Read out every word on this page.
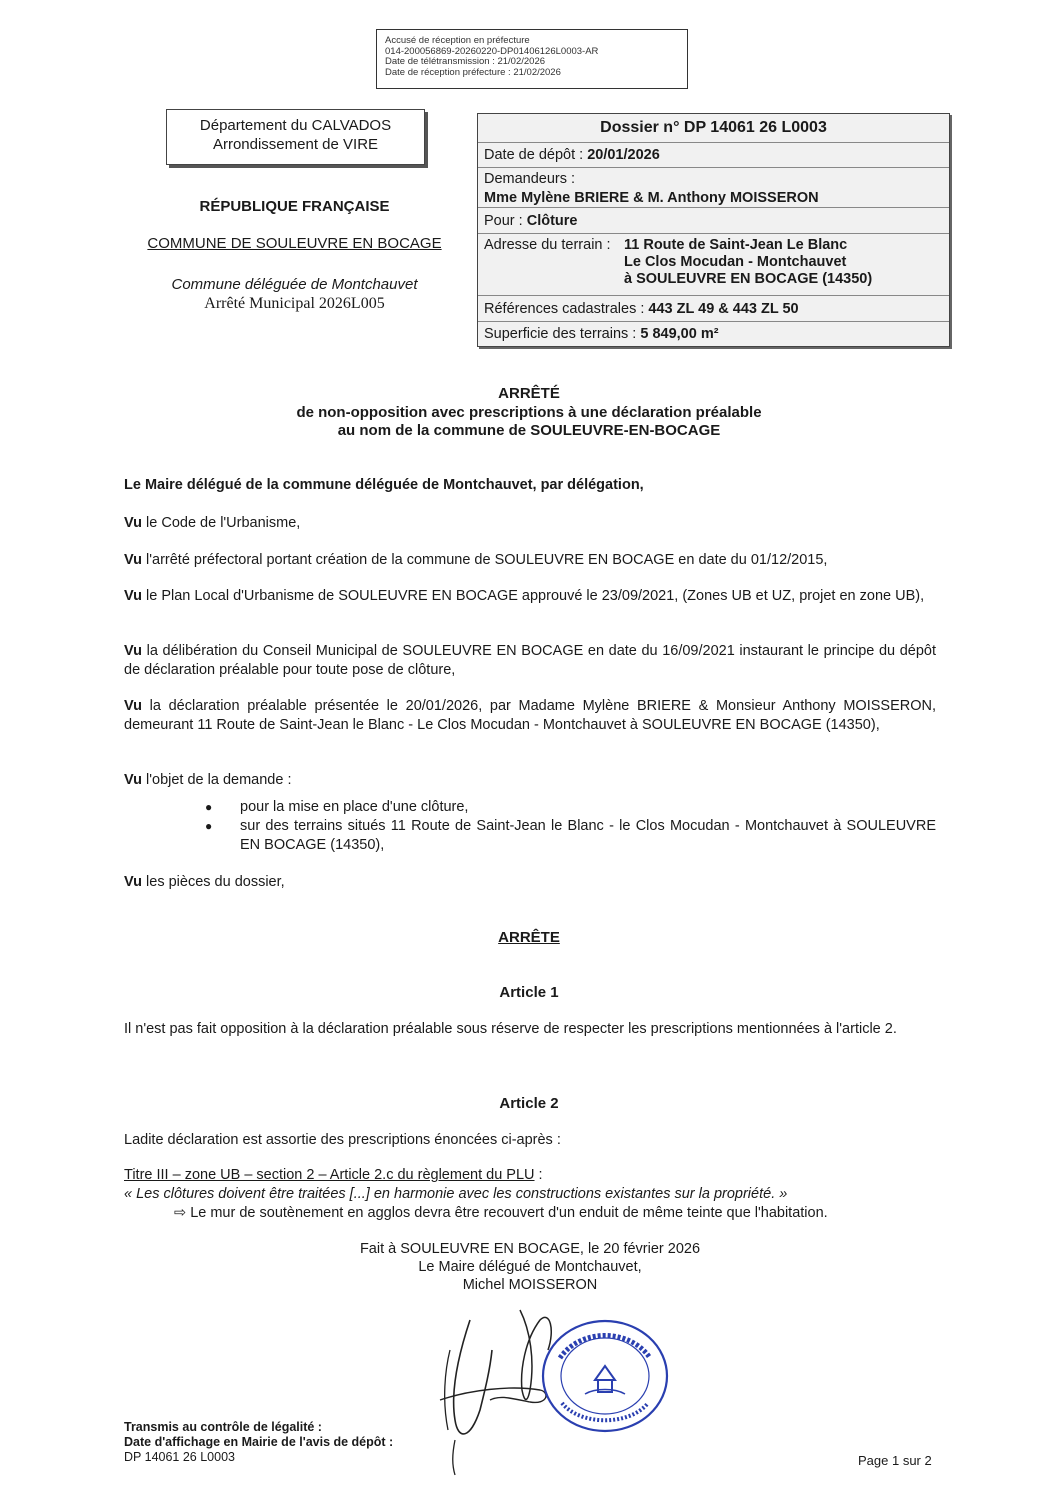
Accusé de réception en préfecture
014-200056869-20260220-DP01406126L0003-AR
Date de télétransmission : 21/02/2026
Date de réception préfecture : 21/02/2026
Département du CALVADOS
Arrondissement de VIRE
RÉPUBLIQUE FRANÇAISE
COMMUNE DE SOULEUVRE EN BOCAGE
Commune déléguée de Montchauvet
Arrêté Municipal 2026L005
Dossier n° DP 14061 26 L0003
Date de dépôt : 20/01/2026
Demandeurs :
Mme Mylène BRIERE & M. Anthony MOISSERON
Pour : Clôture
Adresse du terrain : 11 Route de Saint-Jean Le Blanc
Le Clos Mocudan - Montchauvet
à SOULEUVRE EN BOCAGE (14350)
Références cadastrales : 443 ZL 49 & 443 ZL 50
Superficie des terrains : 5 849,00 m²
ARRÊTÉ
de non-opposition avec prescriptions à une déclaration préalable
au nom de la commune de SOULEUVRE-EN-BOCAGE
Le Maire délégué de la commune déléguée de Montchauvet, par délégation,
Vu le Code de l'Urbanisme,
Vu l'arrêté préfectoral portant création de la commune de SOULEUVRE EN BOCAGE en date du 01/12/2015,
Vu le Plan Local d'Urbanisme de SOULEUVRE EN BOCAGE approuvé le 23/09/2021, (Zones UB et UZ, projet en zone UB),
Vu la délibération du Conseil Municipal de SOULEUVRE EN BOCAGE en date du 16/09/2021 instaurant le principe du dépôt de déclaration préalable pour toute pose de clôture,
Vu la déclaration préalable présentée le 20/01/2026, par Madame Mylène BRIERE & Monsieur Anthony MOISSERON, demeurant 11 Route de Saint-Jean le Blanc - Le Clos Mocudan - Montchauvet à SOULEUVRE EN BOCAGE (14350),
Vu l'objet de la demande :
● pour la mise en place d'une clôture,
● sur des terrains situés 11 Route de Saint-Jean le Blanc - le Clos Mocudan - Montchauvet à SOULEUVRE EN BOCAGE (14350),
Vu les pièces du dossier,
ARRÊTE
Article 1
Il n'est pas fait opposition à la déclaration préalable sous réserve de respecter les prescriptions mentionnées à l'article 2.
Article 2
Ladite déclaration est assortie des prescriptions énoncées ci-après :
Titre III – zone UB – section 2 – Article 2.c du règlement du PLU :
« Les clôtures doivent être traitées [...] en harmonie avec les constructions existantes sur la propriété. »
⇨ Le mur de soutènement en agglos devra être recouvert d'un enduit de même teinte que l'habitation.
Fait à SOULEUVRE EN BOCAGE, le 20 février 2026
Le Maire délégué de Montchauvet,
Michel MOISSERON
Transmis au contrôle de légalité :
Date d'affichage en Mairie de l'avis de dépôt :
DP 14061 26 L0003	Page 1 sur 2
